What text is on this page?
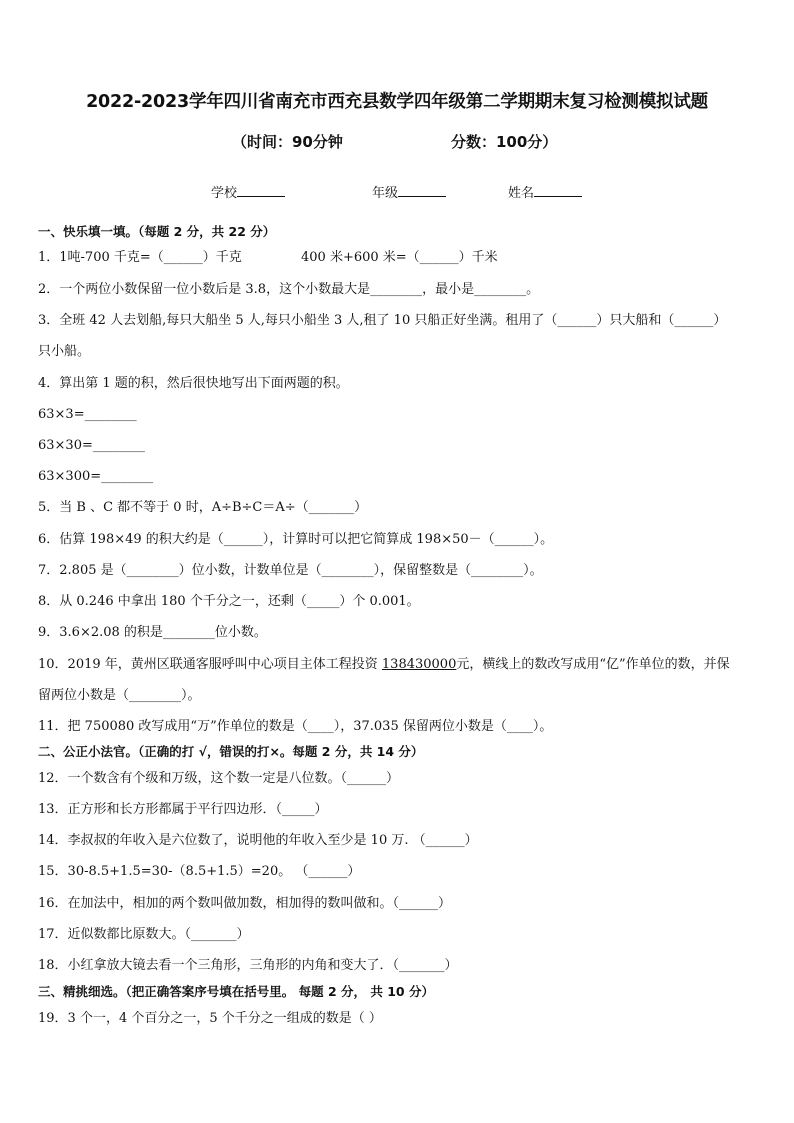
2022-2023学年四川省南充市西充县数学四年级第二学期期末复习检测模拟试题
（时间：90分钟	分数：100分）
学校	年级	姓名
一、快乐填一填。（每题 2 分，共 22 分）
1．1吨-700 千克=（______）千克	400 米+600 米=（______）千米
2．一个两位小数保留一位小数后是 3.8，这个小数最大是________，最小是________。
3．全班 42 人去划船,每只大船坐 5 人,每只小船坐 3 人,租了 10 只船正好坐满。租用了（______）只大船和（______）
只小船。
4．算出第 1 题的积，然后很快地写出下面两题的积。
63×3=________
63×30=________
63×300=________
5．当 B 、C 都不等于 0 时，A÷B÷C＝A÷（_______）
6．估算 198×49 的积大约是（______），计算时可以把它简算成 198×50－（______）。
7．2.805 是（________）位小数，计数单位是（________），保留整数是（________）。
8．从 0.246 中拿出 180 个千分之一，还剩（_____）个 0.001。
9．3.6×2.08 的积是________位小数。
10．2019 年，黄州区联通客服呼叫中心项目主体工程投资 138430000元，横线上的数改写成用“亿”作单位的数，并保
留两位小数是（________）。
11．把 750080 改写成用“万”作单位的数是（____），37.035 保留两位小数是（____）。
二、公正小法官。（正确的打 √，错误的打×。每题 2 分，共 14 分）
12．一个数含有个级和万级，这个数一定是八位数。（______）
13．正方形和长方形都属于平行四边形．（_____）
14．李叔叔的年收入是六位数了，说明他的年收入至少是 10 万. （______）
15．30-8.5+1.5=30-（8.5+1.5）=20。 （______）
16．在加法中，相加的两个数叫做加数，相加得的数叫做和。（______）
17．近似数都比原数大。（_______）
18．小红拿放大镜去看一个三角形，三角形的内角和变大了．（_______）
三、精挑细选。（把正确答案序号填在括号里。 每题 2 分， 共 10 分）
19．3 个一，4 个百分之一，5 个千分之一组成的数是（ ）
